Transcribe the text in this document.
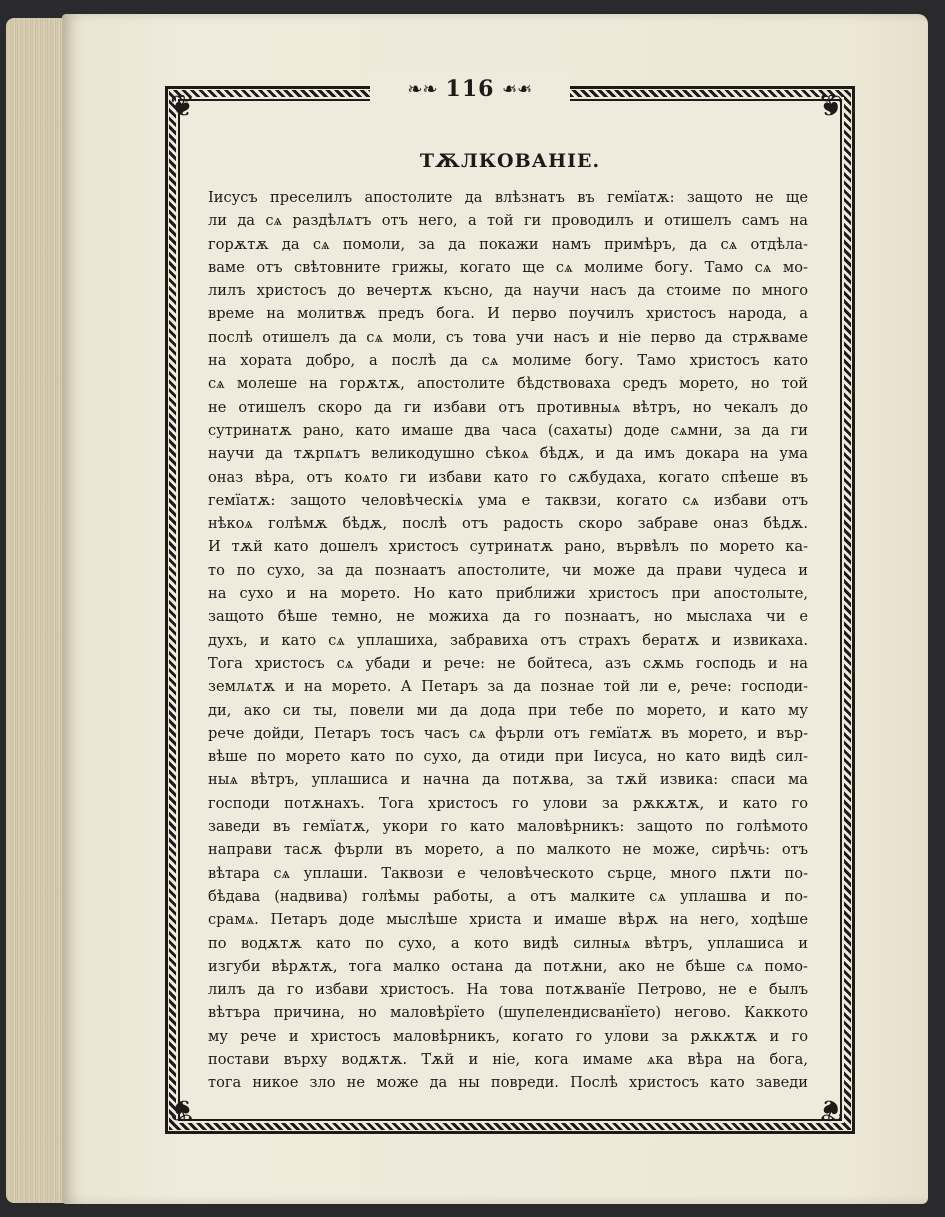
❦	❦
❦	❦
❧❧ 116 ❧❧
ТѪЛКОВАНІЕ.
Іисусъ преселилъ апостолите да влѣзнатъ въ гемїатѫ: защото не ще
ли да сѧ раздѣлѧтъ отъ него, а той ги проводилъ и отишелъ самъ на
горѫтѫ да сѧ помоли, за да покажи намъ примѣръ, да сѧ отдѣла-
ваме отъ свѣтовните грижы, когато ще сѧ молиме богу. Тамо сѧ мо-
лилъ христосъ до вечертѫ късно, да научи насъ да стоиме по много
време на молитвѫ предъ бога. И перво поучилъ христосъ народа, а
послѣ отишелъ да сѧ моли, съ това учи насъ и ніе перво да стрѫваме
на хората добро, а послѣ да сѧ молиме богу. Тамо христосъ като
сѧ молеше на горѫтѫ, апостолите бѣдствоваха средъ морето, но той
не отишелъ скоро да ги избави отъ противныѧ вѣтръ, но чекалъ до
сутринатѫ рано, като имаше два часа (сахаты) доде сѧмни, за да ги
научи да тѫрпѧтъ великодушно сѣкоѧ бѣдѫ, и да имъ докара на ума
оназ вѣра, отъ коѧто ги избави като го сѫбудаха, когато спѣеше въ
гемїатѫ: защото человѣческіѧ ума е таквзи, когато сѧ избави отъ
нѣкоѧ голѣмѫ бѣдѫ, послѣ отъ радость скоро забраве оназ бѣдѫ.
И тѫй като дошелъ христосъ сутринатѫ рано, вървѣлъ по морето ка-
то по суxо, за да познаатъ апостолите, чи може да прави чудеса и
на суxо и на морето. Но като приближи христосъ при апостолыте,
защото бѣше темно, не можиха да го познаатъ, но мыслаха чи е
духъ, и като сѧ уплашиха, забравиха отъ страхъ бератѫ и извикаха.
Тога христосъ сѧ убади и рече: не бойтеса, азъ сѫмь господь и на
землѧтѫ и на морето. А Петаръ за да познае той ли е, рече: господи-
ди, ако си ты, повели ми да дода при тебе по морето, и като му
рече дойди, Петаръ тосъ часъ сѧ фърли отъ гемїатѫ въ морето, и вър-
вѣше по морето като по суxо, да отиди при Іисуса, но като видѣ сил-
ныѧ вѣтръ, уплашиса и начна да потѫва, за тѫй извика: спаси ма
господи потѫнахъ. Тога христосъ го улови за рѫкѫтѫ, и като го
заведи въ гемїатѫ, укори го като маловѣрникъ: защото по голѣмото
направи тасѫ фърли въ морето, а по малкото не може, сирѣчь: отъ
вѣтара сѧ уплаши. Таквози е человѣческото сърце, много пѫти по-
бѣдава (надвива) голѣмы работы, а отъ малките сѧ уплашва и по-
срамѧ. Петаръ доде мыслѣше христа и имаше вѣрѫ на него, ходѣше
по водѫтѫ като по суxо, а кото видѣ силныѧ вѣтръ, уплашиса и
изгуби вѣрѫтѫ, тога малко остана да потѫни, ако не бѣше сѧ помо-
лилъ да го избави христосъ. На това потѫванїе Петрово, не е былъ
вѣтъра причина, но маловѣрїето (шупелендисванїето) негово. Каккото
му рече и христосъ маловѣрникъ, когато го улови за рѫкѫтѫ и го
постави върху водѫтѫ. Тѫй и ніе, кога имаме ѧка вѣра на бога,
тога никое зло не може да ны повреди. Послѣ христосъ като заведи
